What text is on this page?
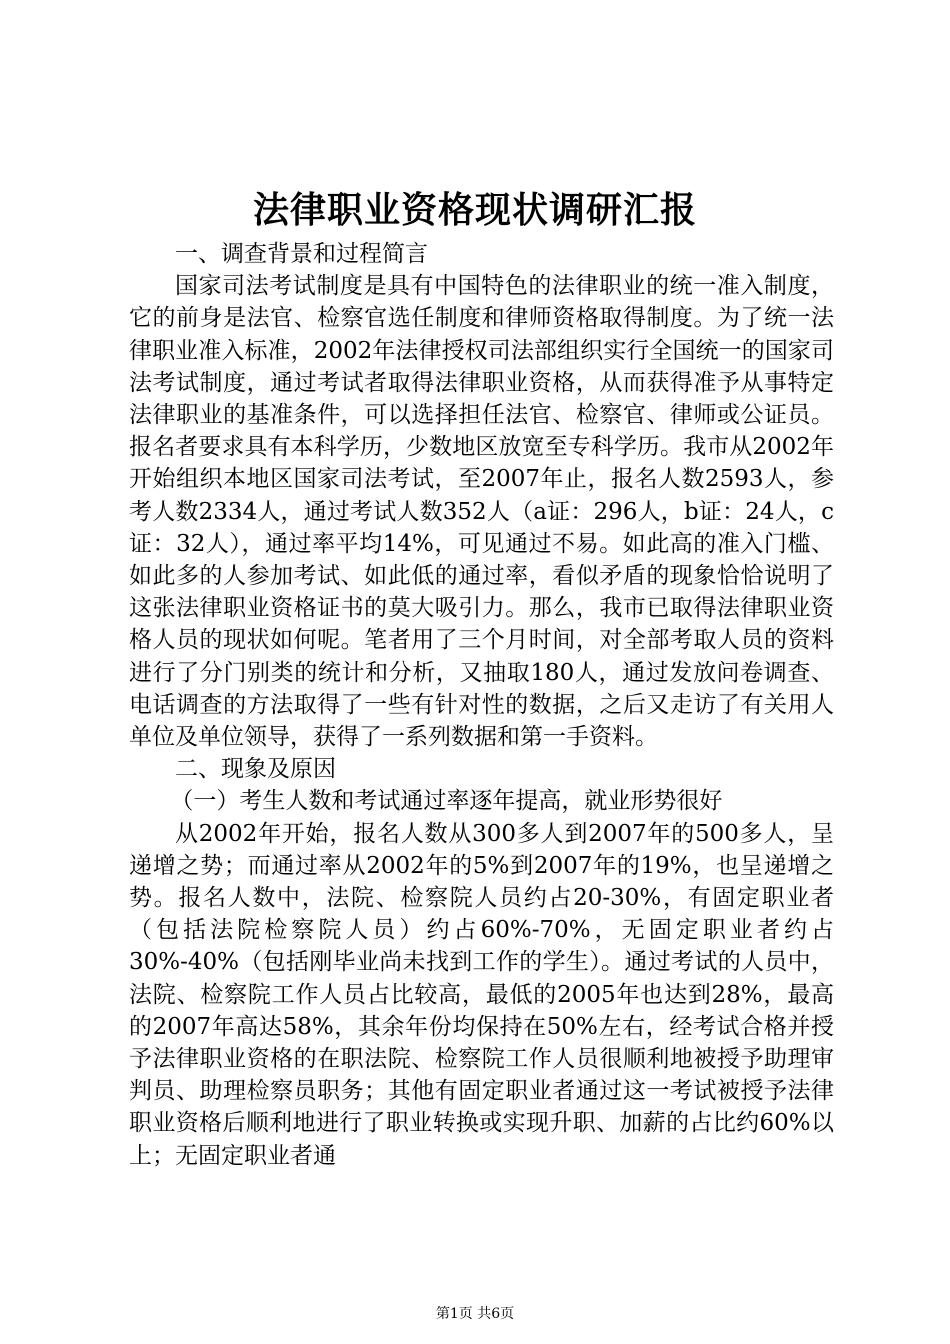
法律职业资格现状调研汇报

一、调查背景和过程简言

国家司法考试制度是具有中国特色的法律职业的统一准入制度，它的前身是法官、检察官选任制度和律师资格取得制度。为了统一法律职业准入标准，2002年法律授权司法部组织实行全国统一的国家司法考试制度，通过考试者取得法律职业资格，从而获得准予从事特定法律职业的基准条件，可以选择担任法官、检察官、律师或公证员。报名者要求具有本科学历，少数地区放宽至专科学历。我市从2002年开始组织本地区国家司法考试，至2007年止，报名人数2593人，参考人数2334人，通过考试人数352人（a证：296人，b证：24人，c证：32人），通过率平均14%，可见通过不易。如此高的准入门槛、如此多的人参加考试、如此低的通过率，看似矛盾的现象恰恰说明了这张法律职业资格证书的莫大吸引力。那么，我市已取得法律职业资格人员的现状如何呢。笔者用了三个月时间，对全部考取人员的资料进行了分门别类的统计和分析，又抽取180人，通过发放问卷调查、电话调查的方法取得了一些有针对性的数据，之后又走访了有关用人单位及单位领导，获得了一系列数据和第一手资料。

二、现象及原因

（一）考生人数和考试通过率逐年提高，就业形势很好

从2002年开始，报名人数从300多人到2007年的500多人，呈递增之势；而通过率从2002年的5%到2007年的19%，也呈递增之势。报名人数中，法院、检察院人员约占20-30%，有固定职业者（包括法院检察院人员）约占60%-70%，无固定职业者约占30%-40%（包括刚毕业尚未找到工作的学生）。通过考试的人员中，法院、检察院工作人员占比较高，最低的2005年也达到28%，最高的2007年高达58%，其余年份均保持在50%左右，经考试合格并授予法律职业资格的在职法院、检察院工作人员很顺利地被授予助理审判员、助理检察员职务；其他有固定职业者通过这一考试被授予法律职业资格后顺利地进行了职业转换或实现升职、加薪的占比约60%以上；无固定职业者通

第1页 共6页
